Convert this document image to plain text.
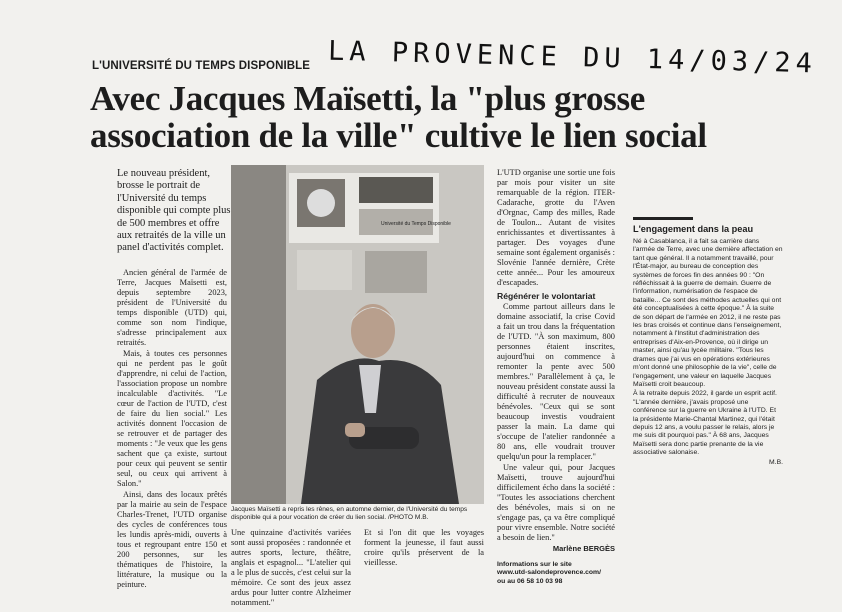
L'UNIVERSITÉ DU TEMPS DISPONIBLE LA PROVENCE DU 14/03/24
Avec Jacques Maïsetti, la "plus grosse association de la ville" cultive le lien social
Le nouveau président, brosse le portrait de l'Université du temps disponible qui compte plus de 500 membres et offre aux retraités de la ville un panel d'activités complet.

Ancien général de l'armée de Terre, Jacques Maïsetti est, depuis septembre 2023, président de l'Université du temps disponible (UTD) qui, comme son nom l'indique, s'adresse principalement aux retraités.

Mais, à toutes ces personnes qui ne perdent pas le goût d'apprendre, ni celui de l'action, l'association propose un nombre incalculable d'activités. "Le cœur de l'action de l'UTD, c'est de faire du lien social." Les activités donnent l'occasion de se retrouver et de partager des moments : "Je veux que les gens sachent que ça existe, surtout pour ceux qui peuvent se sentir seul, ou ceux qui arrivent à Salon."

Ainsi, dans des locaux prêtés par la mairie au sein de l'espace Charles-Trenet, l'UTD organise des cycles de conférences tous les lundis après-midi, ouverts à tous et regroupant entre 150 et 200 personnes, sur les thématiques de l'histoire, la littérature, la musique ou la peinture.

Université du Temps Disponible
Jacques Maïsetti a repris les rênes, en automne dernier, de l'Université du temps disponible qui a pour vocation de créer du lien social. /PHOTO M.B.
Une quinzaine d'activités variées sont aussi proposées : randonnée et autres sports, lecture, théâtre, anglais et espagnol... "L'atelier qui a le plus de succès, c'est celui sur la mémoire. Ce sont des jeux assez ardus pour lutter contre Alzheimer notamment."
Et si l'on dit que les voyages forment la jeunesse, il faut aussi croire qu'ils préservent de la vieillesse.

L'UTD organise une sortie une fois par mois pour visiter un site remarquable de la région. ITER-Cadarache, grotte du l'Aven d'Orgnac, Camp des milles, Rade de Toulon... Autant de visites enrichissantes et divertissantes à partager. Des voyages d'une semaine sont également organisés : Slovénie l'année dernière, Crète cette année... Pour les amoureux d'escapades.

Régénérer le volontariat

Comme partout ailleurs dans le domaine associatif, la crise Covid a fait un trou dans la fréquentation de l'UTD. "À son maximum, 800 personnes étaient inscrites, aujourd'hui on commence à remonter la pente avec 500 membres." Parallèlement à ça, le nouveau président constate aussi la difficulté à recruter de nouveaux bénévoles. "Ceux qui se sont beaucoup investis voudraient passer la main. La dame qui s'occupe de l'atelier randonnée a 80 ans, elle voudrait trouver quelqu'un pour la remplacer."

Une valeur qui, pour Jacques Maïsetti, trouve aujourd'hui difficilement écho dans la société : "Toutes les associations cherchent des bénévoles, mais si on ne s'engage pas, ça va être compliqué pour vivre ensemble. Notre société a besoin de lien."

Marlène BERGÈS
Informations sur le site
www.utd-salondeprovence.com/
ou au 06 58 10 03 98
L'engagement dans la peau

Né à Casablanca, il a fait sa carrière dans l'armée de Terre, avec une dernière affectation en tant que général. Il a notamment travaillé, pour l'État-major, au bureau de conception des systèmes de forces fin des années 90 : "On réfléchissait à la guerre de demain. Guerre de l'information, numérisation de l'espace de bataille... Ce sont des méthodes actuelles qui ont été conceptualisées à cette époque." À la suite de son départ de l'armée en 2012, il ne reste pas les bras croisés et continue dans l'enseignement, notamment à l'Institut d'administration des entreprises d'Aix-en-Provence, où il dirige un master, ainsi qu'au lycée militaire. "Tous les drames que j'ai vus en opérations extérieures m'ont donné une philosophie de la vie", celle de l'engagement, une valeur en laquelle Jacques Maïsetti croit beaucoup.

À la retraite depuis 2022, il garde un esprit actif. "L'année dernière, j'avais proposé une conférence sur la guerre en Ukraine à l'UTD. Et la présidente Marie-Chantal Martinez, qui l'était depuis 12 ans, a voulu passer le relais, alors je me suis dit pourquoi pas." À 68 ans, Jacques Maïsetti sera donc partie prenante de la vie associative salonaise.

M.B.
